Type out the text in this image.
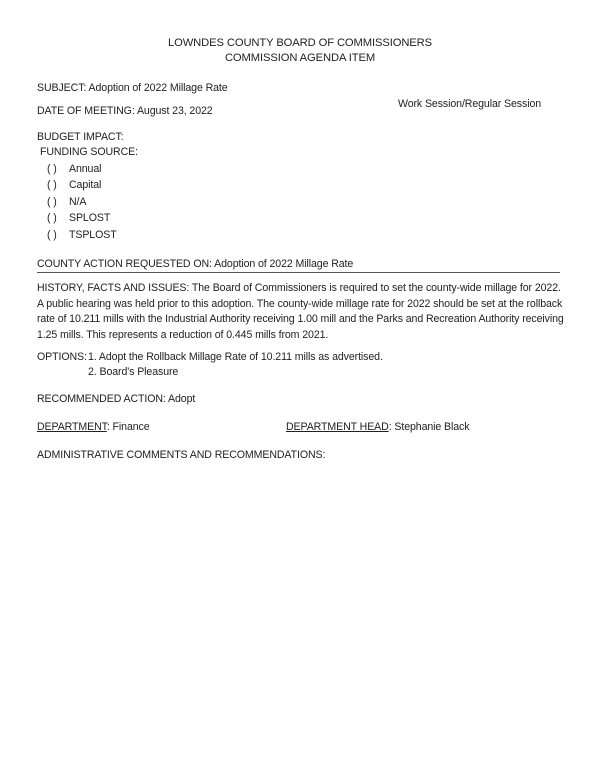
LOWNDES COUNTY BOARD OF COMMISSIONERS
COMMISSION AGENDA ITEM
SUBJECT: Adoption of 2022 Millage Rate
DATE OF MEETING: August 23, 2022
Work Session/Regular Session
BUDGET IMPACT:
FUNDING SOURCE:
( ) Annual
( ) Capital
( ) N/A
( ) SPLOST
( ) TSPLOST
COUNTY ACTION REQUESTED ON: Adoption of 2022 Millage Rate
HISTORY, FACTS AND ISSUES: The Board of Commissioners is required to set the county-wide millage for 2022. A public hearing was held prior to this adoption. The county-wide millage rate for 2022 should be set at the rollback rate of 10.211 mills with the Industrial Authority receiving 1.00 mill and the Parks and Recreation Authority receiving 1.25 mills. This represents a reduction of 0.445 mills from 2021.
OPTIONS: 1. Adopt the Rollback Millage Rate of 10.211 mills as advertised.
2. Board's Pleasure
RECOMMENDED ACTION: Adopt
DEPARTMENT: Finance	DEPARTMENT HEAD: Stephanie Black
ADMINISTRATIVE COMMENTS AND RECOMMENDATIONS:
